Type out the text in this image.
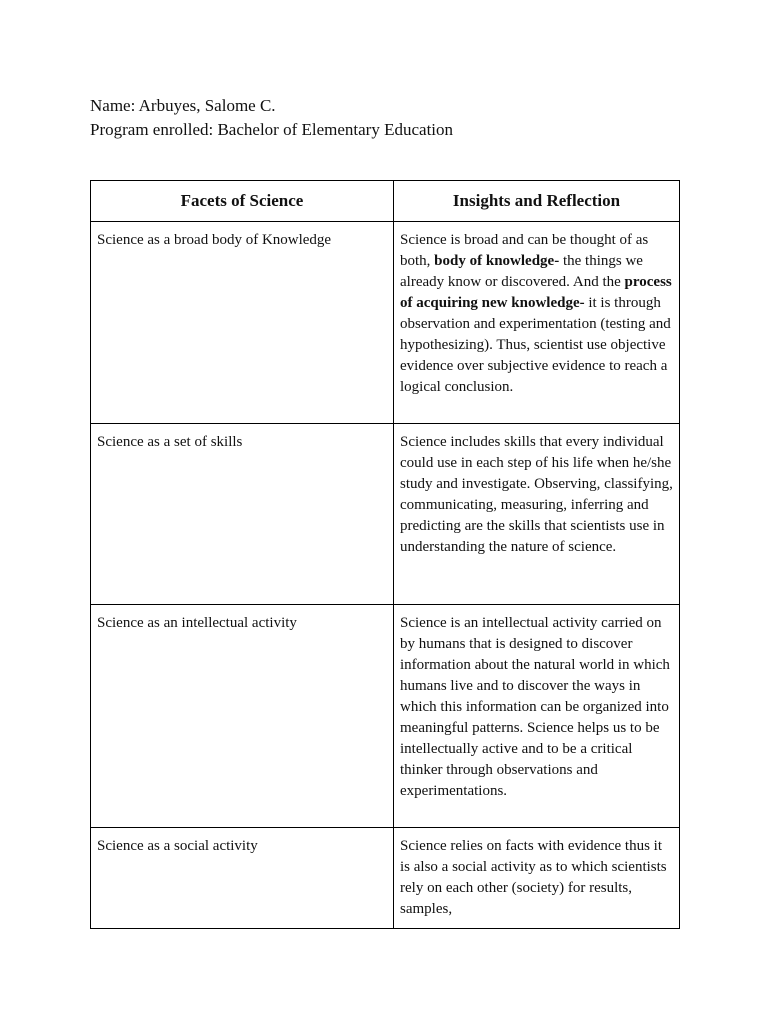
Name: Arbuyes, Salome C.

Program enrolled: Bachelor of Elementary Education

Facets of Science	Insights and Reflection
Science as a broad body of Knowledge	Science is broad and can be thought of as both, body of knowledge- the things we already know or discovered. And the process of acquiring new knowledge- it is through observation and experimentation (testing and hypothesizing). Thus, scientist use objective evidence over subjective evidence to reach a logical conclusion.
Science as a set of skills	Science includes skills that every individual could use in each step of his life when he/she study and investigate. Observing, classifying, communicating, measuring, inferring and predicting are the skills that scientists use in understanding the nature of science.
Science as an intellectual activity	Science is an intellectual activity carried on by humans that is designed to discover information about the natural world in which humans live and to discover the ways in which this information can be organized into meaningful patterns. Science helps us to be intellectually active and to be a critical thinker through observations and experimentations.
Science as a social activity	Science relies on facts with evidence thus it is also a social activity as to which scientists rely on each other (society) for results, samples,
